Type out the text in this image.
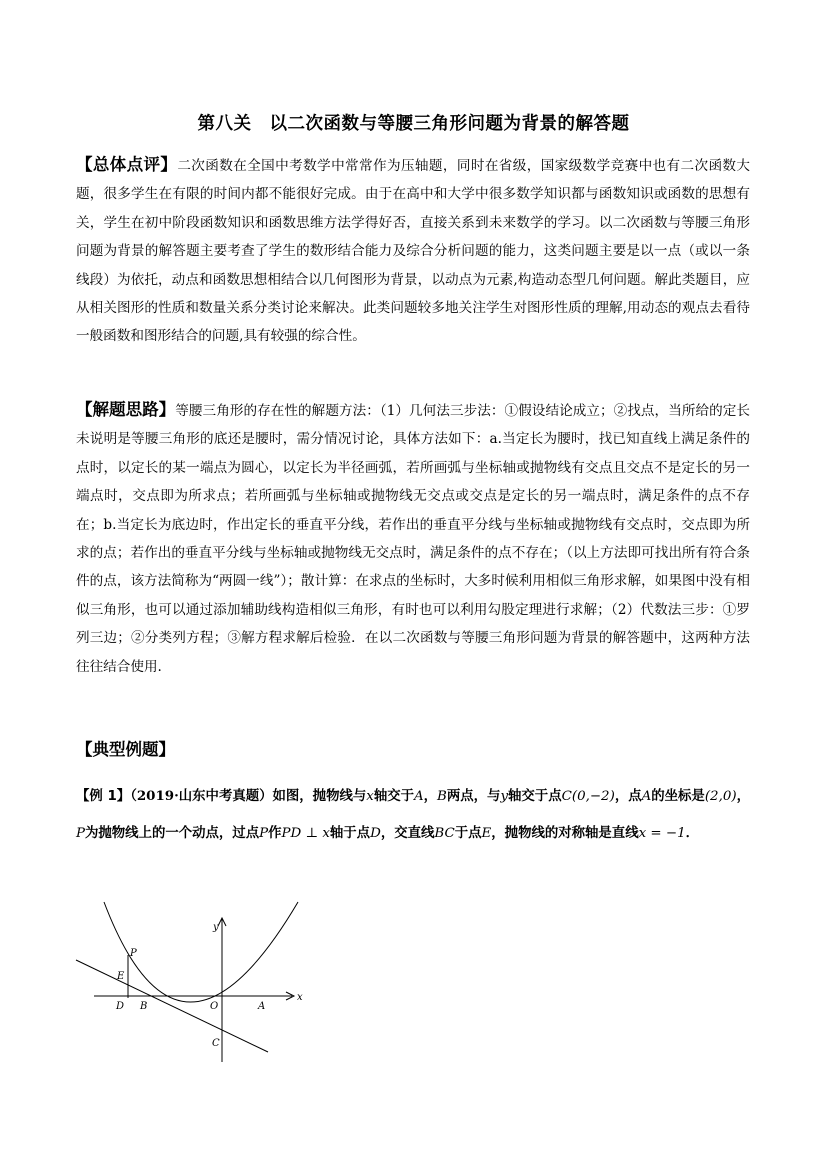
第八关　以二次函数与等腰三角形问题为背景的解答题
【总体点评】二次函数在全国中考数学中常常作为压轴题，同时在省级，国家级数学竞赛中也有二次函数大题，很多学生在有限的时间内都不能很好完成。由于在高中和大学中很多数学知识都与函数知识或函数的思想有关，学生在初中阶段函数知识和函数思维方法学得好否，直接关系到未来数学的学习。以二次函数与等腰三角形问题为背景的解答题主要考查了学生的数形结合能力及综合分析问题的能力，这类问题主要是以一点（或以一条线段）为依托，动点和函数思想相结合以几何图形为背景，以动点为元素,构造动态型几何问题。解此类题目，应从相关图形的性质和数量关系分类讨论来解决。此类问题较多地关注学生对图形性质的理解,用动态的观点去看待一般函数和图形结合的问题,具有较强的综合性。
【解题思路】等腰三角形的存在性的解题方法：（1）几何法三步法：①假设结论成立；②找点，当所给的定长未说明是等腰三角形的底还是腰时，需分情况讨论，具体方法如下：a.当定长为腰时，找已知直线上满足条件的点时，以定长的某一端点为圆心，以定长为半径画弧，若所画弧与坐标轴或抛物线有交点且交点不是定长的另一端点时，交点即为所求点；若所画弧与坐标轴或抛物线无交点或交点是定长的另一端点时，满足条件的点不存在；b.当定长为底边时，作出定长的垂直平分线，若作出的垂直平分线与坐标轴或抛物线有交点时，交点即为所求的点；若作出的垂直平分线与坐标轴或抛物线无交点时，满足条件的点不存在；（以上方法即可找出所有符合条件的点，该方法简称为“两圆一线”）；散计算：在求点的坐标时，大多时候利用相似三角形求解，如果图中没有相似三角形，也可以通过添加辅助线构造相似三角形，有时也可以利用勾股定理进行求解；（2）代数法三步：①罗列三边；②分类列方程；③解方程求解后检验．在以二次函数与等腰三角形问题为背景的解答题中，这两种方法往往结合使用.
【典型例题】
【例 1】（2019·山东中考真题）如图，抛物线与x轴交于A，B两点，与y轴交于点C(0,−2)，点A的坐标是(2,0)，P为抛物线上的一个动点，过点P作PD ⊥ x轴于点D，交直线BC于点E，抛物线的对称轴是直线x = −1．
y
x
P
E
D B	O	A
C
